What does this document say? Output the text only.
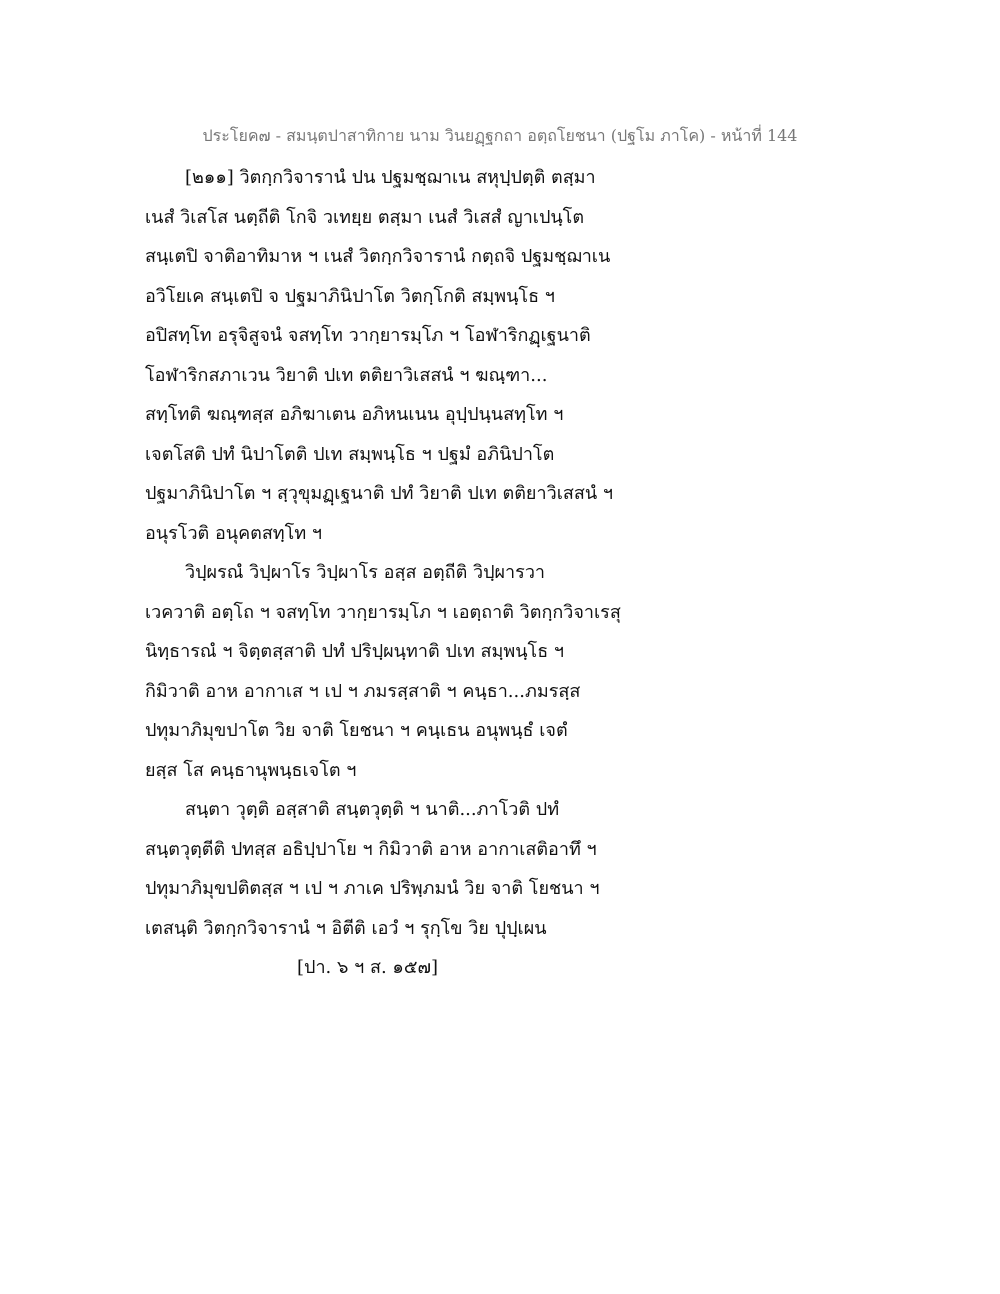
ประโยค๗ - สมนฺตปาสาทิกาย นาม วินยฏฺฐกถา อตฺถโยชนา (ปฐโม ภาโค) - หน้าที่ 144
[๒๑๑] วิตกฺกวิจารานํ ปน ปฐมชฺฌาเน สหุปฺปตฺติ ตสฺมา
เนสํ วิเสโส นตฺถีติ โกจิ วเทยฺย ตสฺมา เนสํ วิเสสํ ญาเปนฺโต
สนฺเตปิ จาติอาทิมาห ฯ เนสํ วิตกฺกวิจารานํ กตฺถจิ ปฐมชฺฌาเน
อวิโยเค สนฺเตปิ จ ปฐมาภินิปาโต วิตกฺโกติ สมฺพนฺโธ ฯ
อปิสทฺโท อรุจิสูจนํ จสทฺโท วากฺยารมฺโภ ฯ โอฬาริกฏฺเฐนาติ
โอฬาริกสภาเวน วิยาติ ปเท ตติยาวิเสสนํ ฯ ฆณฺฑา...
สทฺโทติ ฆณฺฑสฺส อภิฆาเตน อภิหนเนน อุปฺปนฺนสทฺโท ฯ
เจตโสติ ปทํ นิปาโตติ ปเท สมฺพนฺโธ ฯ ปฐมํ อภินิปาโต
ปฐมาภินิปาโต ฯ สฺวุขุมฏฺเฐนาติ ปทํ วิยาติ ปเท ตติยาวิเสสนํ ฯ
อนุรโวติ อนุคตสทฺโท ฯ
วิปฺผรณํ วิปฺผาโร วิปฺผาโร อสฺส อตฺถีติ วิปฺผารวา
เวควาติ อตฺโถ ฯ จสทฺโท วากฺยารมฺโภ ฯ เอตฺถาติ วิตกฺกวิจาเรสุ
นิทฺธารณํ ฯ จิตฺตสฺสาติ ปทํ ปริปฺผนฺทาติ ปเท สมฺพนฺโธ ฯ
กิมิวาติ อาห อากาเส ฯ เป ฯ ภมรสฺสาติ ฯ คนฺธา...ภมรสฺส
ปทุมาภิมุขปาโต วิย จาติ โยชนา ฯ คนฺเธน อนุพนฺธํ เจตํ
ยสฺส โส คนฺธานุพนฺธเจโต ฯ
สนฺตา วุตฺติ อสฺสาติ สนฺตวุตฺติ ฯ นาติ...ภาโวติ ปทํ
สนฺตวุตฺตีติ ปทสฺส อธิปฺปาโย ฯ กิมิวาติ อาห อากาเสติอาทึ ฯ
ปทุมาภิมุขปติตสฺส ฯ เป ฯ ภาเค ปริพฺภมนํ วิย จาติ โยชนา ฯ
เตสนฺติ วิตกฺกวิจารานํ ฯ อิตีติ เอวํ ฯ รุกฺโข วิย ปุปฺเผน
[ปา. ๖ ฯ ส. ๑๕๗]
